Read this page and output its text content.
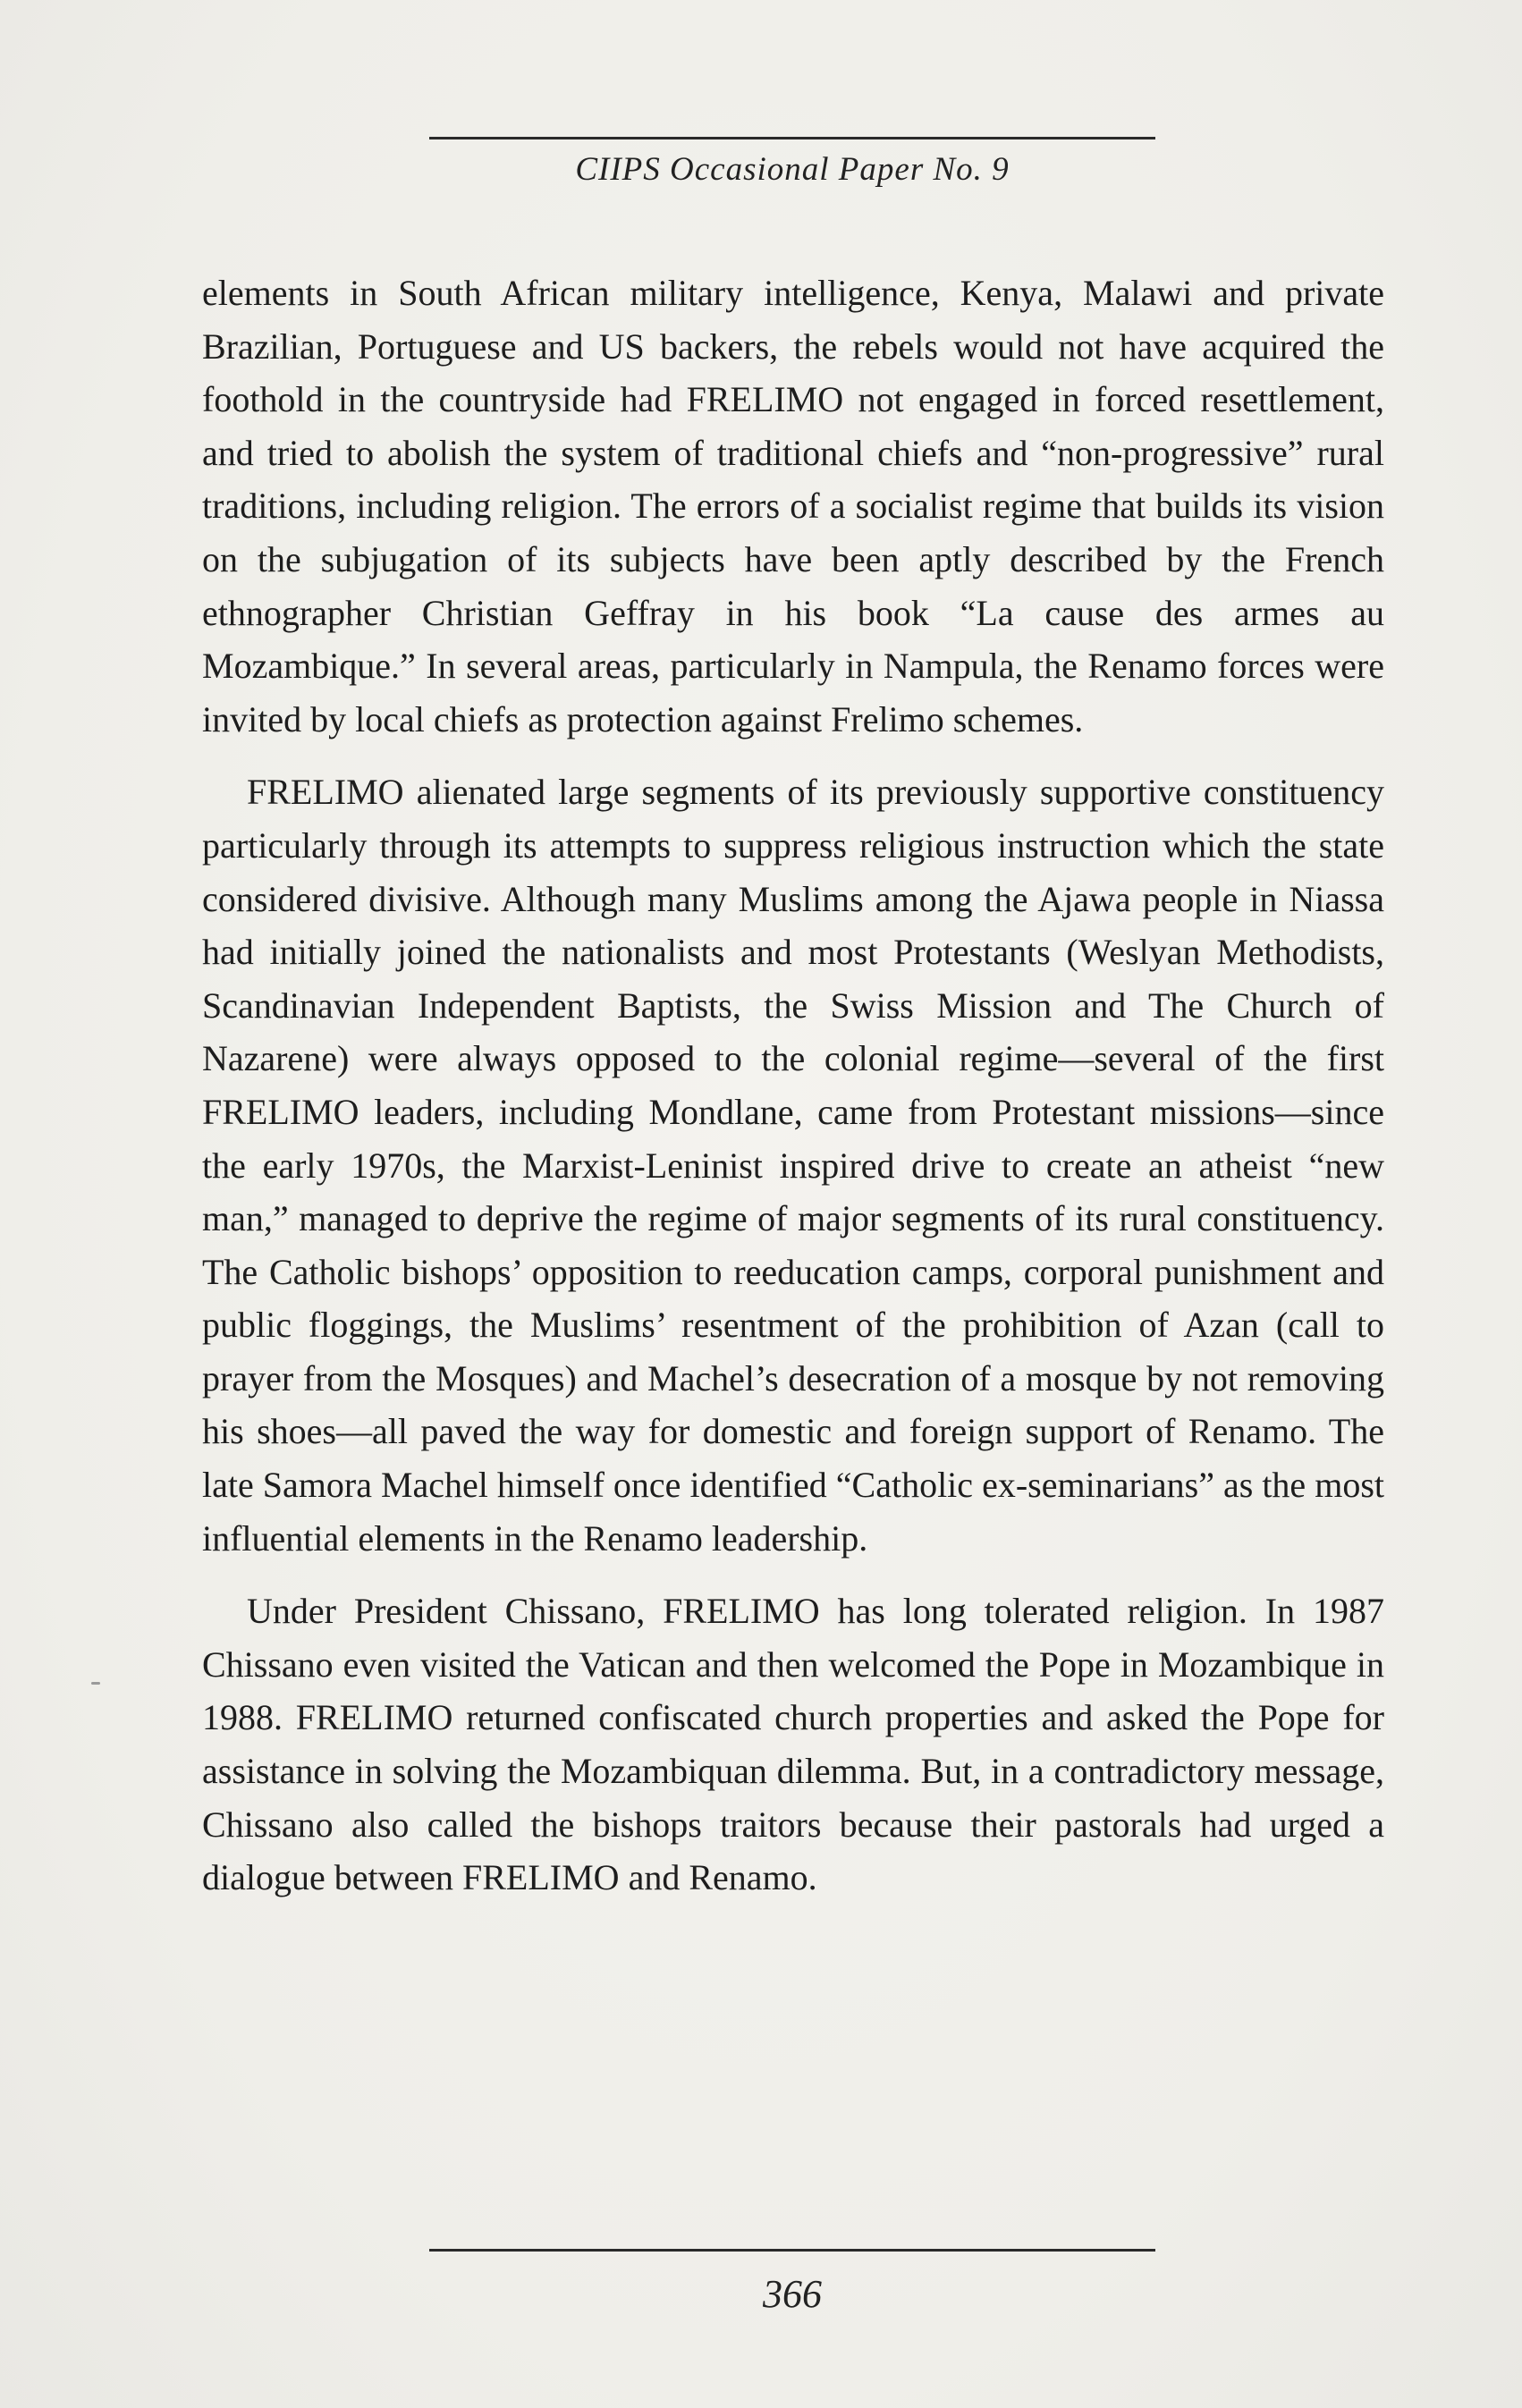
CIIPS Occasional Paper No. 9

elements in South African military intelligence, Kenya, Malawi and private Brazilian, Portuguese and US backers, the rebels would not have acquired the foothold in the countryside had FRELIMO not engaged in forced resettlement, and tried to abolish the system of traditional chiefs and “non-progressive” rural traditions, including religion. The errors of a socialist regime that builds its vision on the subjugation of its subjects have been aptly described by the French ethnographer Christian Geffray in his book “La cause des armes au Mozambique.” In several areas, particularly in Nampula, the Renamo forces were invited by local chiefs as protection against Frelimo schemes.

FRELIMO alienated large segments of its previously supportive constituency particularly through its attempts to suppress religious instruction which the state considered divisive. Although many Muslims among the Ajawa people in Niassa had initially joined the nationalists and most Protestants (Weslyan Methodists, Scandinavian Independent Baptists, the Swiss Mission and The Church of Nazarene) were always opposed to the colonial regime—several of the first FRELIMO leaders, including Mondlane, came from Protestant missions—since the early 1970s, the Marxist-Leninist inspired drive to create an atheist “new man,” managed to deprive the regime of major segments of its rural constituency. The Catholic bishops’ opposition to reeducation camps, corporal punishment and public floggings, the Muslims’ resentment of the prohibition of Azan (call to prayer from the Mosques) and Machel’s desecration of a mosque by not removing his shoes—all paved the way for domestic and foreign support of Renamo. The late Samora Machel himself once identified “Catholic ex-seminarians” as the most influential elements in the Renamo leadership.

Under President Chissano, FRELIMO has long tolerated religion. In 1987 Chissano even visited the Vatican and then welcomed the Pope in Mozambique in 1988. FRELIMO returned confiscated church properties and asked the Pope for assistance in solving the Mozambiquan dilemma. But, in a contradictory message, Chissano also called the bishops traitors because their pastorals had urged a dialogue between FRELIMO and Renamo.

366
